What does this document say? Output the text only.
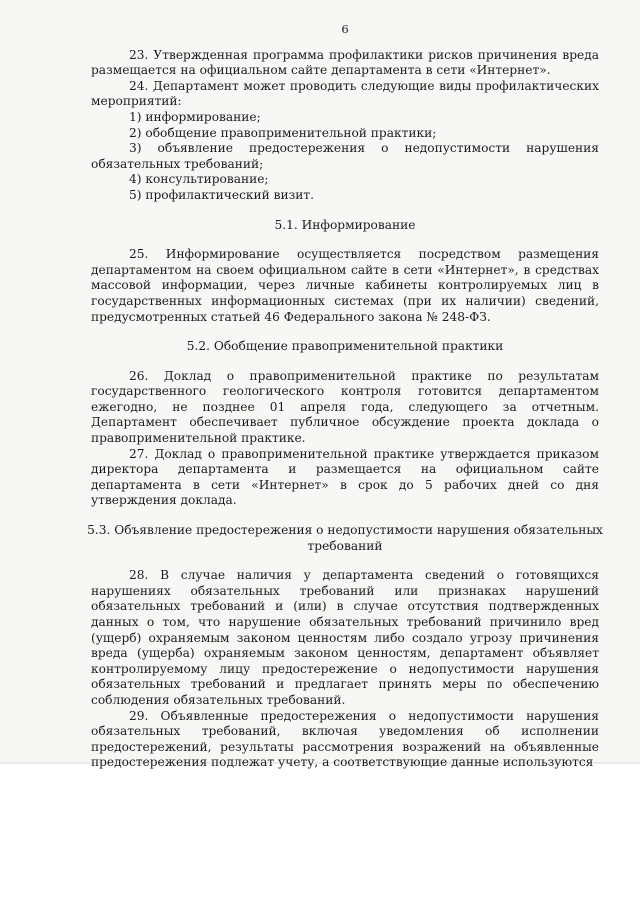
6

23. Утвержденная программа профилактики рисков причинения вреда размещается на официальном сайте департамента в сети «Интернет».

24. Департамент может проводить следующие виды профилактических мероприятий:

1) информирование;

2) обобщение правоприменительной практики;

3) объявление предостережения о недопустимости нарушения обязательных требований;

4) консультирование;

5) профилактический визит.

5.1. Информирование

25. Информирование осуществляется посредством размещения департаментом на своем официальном сайте в сети «Интернет», в средствах массовой информации, через личные кабинеты контролируемых лиц в государственных информационных системах (при их наличии) сведений, предусмотренных статьей 46 Федерального закона № 248-ФЗ.

5.2. Обобщение правоприменительной практики

26. Доклад о правоприменительной практике по результатам государственного геологического контроля готовится департаментом ежегодно, не позднее 01 апреля года, следующего за отчетным. Департамент обеспечивает публичное обсуждение проекта доклада о правоприменительной практике.

27. Доклад о правоприменительной практике утверждается приказом директора департамента и размещается на официальном сайте департамента в сети «Интернет» в срок до 5 рабочих дней со дня утверждения доклада.

5.3. Объявление предостережения о недопустимости нарушения обязательных требований

28. В случае наличия у департамента сведений о готовящихся нарушениях обязательных требований или признаках нарушений обязательных требований и (или) в случае отсутствия подтвержденных данных о том, что нарушение обязательных требований причинило вред (ущерб) охраняемым законом ценностям либо создало угрозу причинения вреда (ущерба) охраняемым законом ценностям, департамент объявляет контролируемому лицу предостережение о недопустимости нарушения обязательных требований и предлагает принять меры по обеспечению соблюдения обязательных требований.

29. Объявленные предостережения о недопустимости нарушения обязательных требований, включая уведомления об исполнении предостережений, результаты рассмотрения возражений на объявленные предостережения подлежат учету, а соответствующие данные используются
